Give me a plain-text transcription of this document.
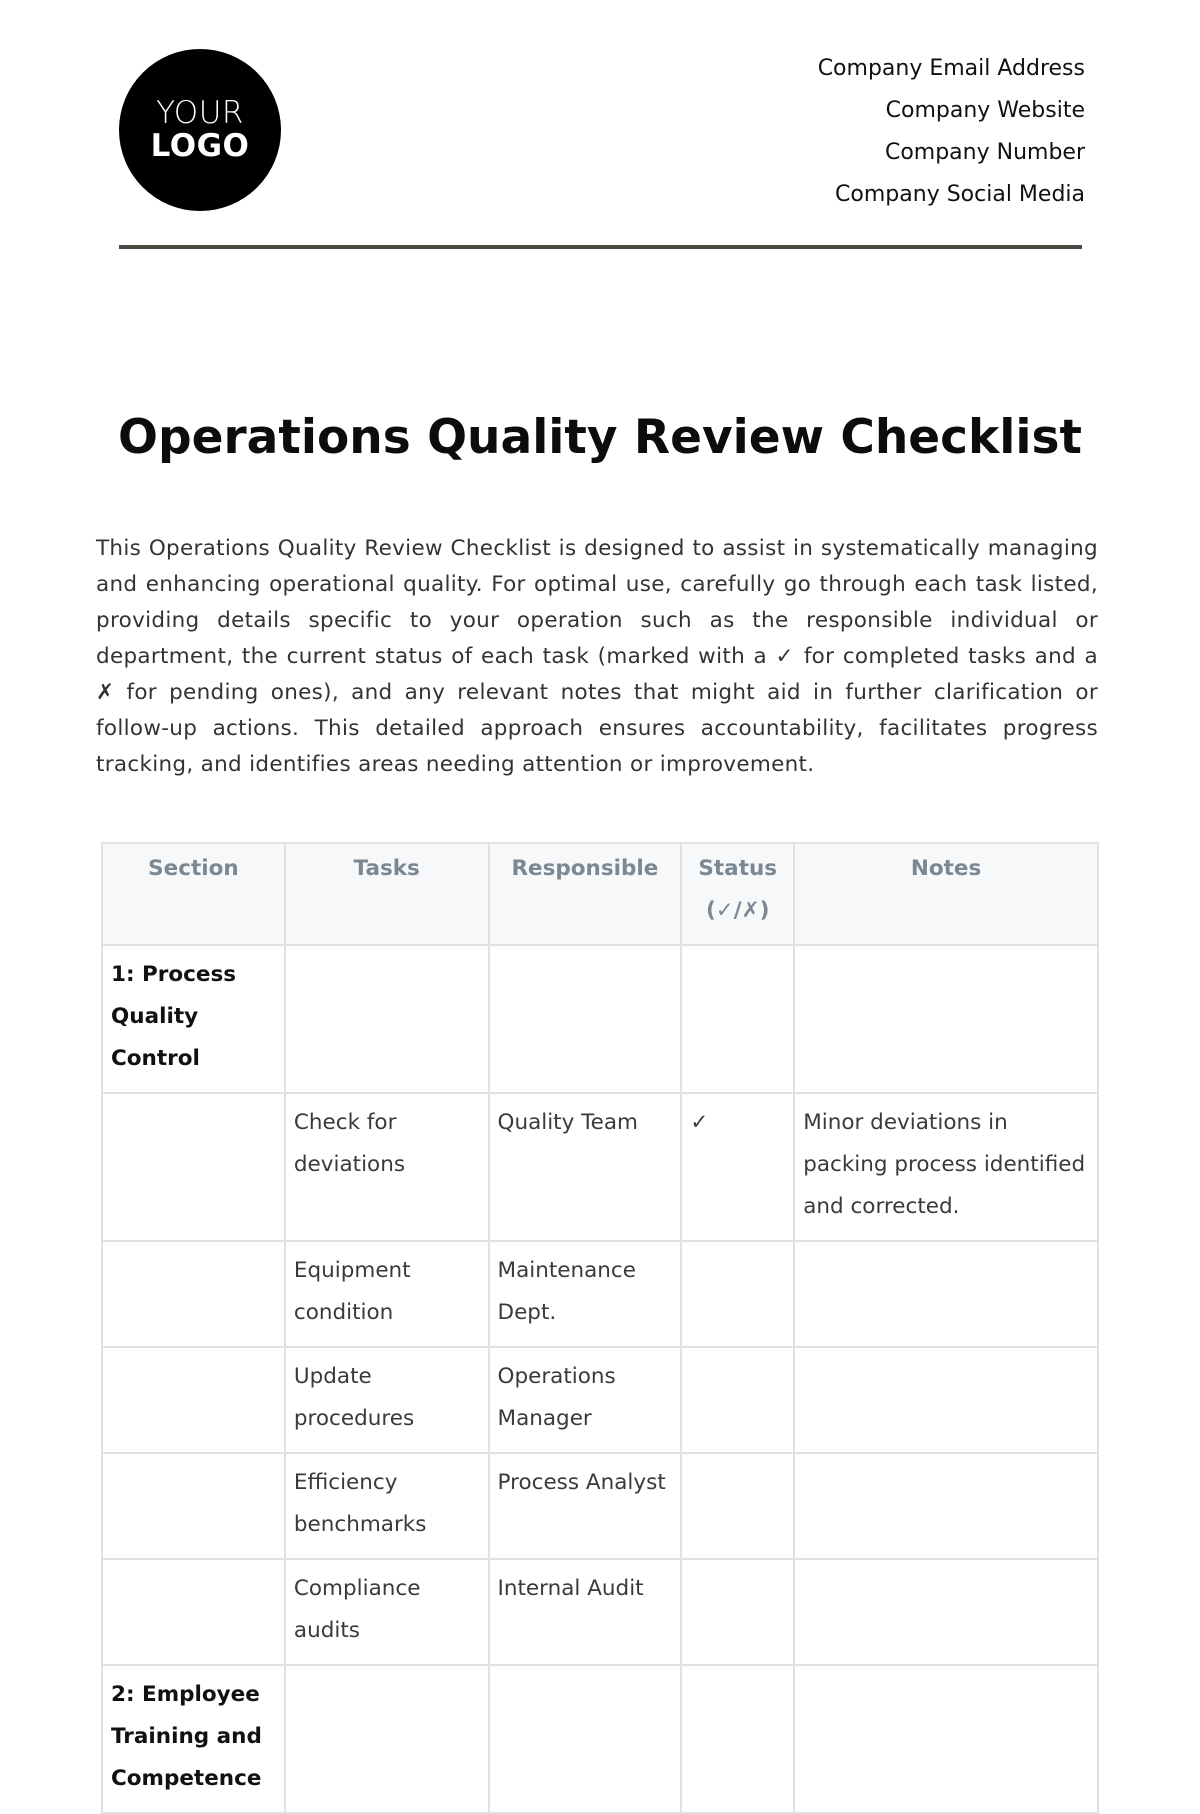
YOUR
LOGO
Company Email Address
Company Website
Company Number
Company Social Media
Operations Quality Review Checklist

This Operations Quality Review Checklist is designed to assist in systematically managing and enhancing operational quality. For optimal use, carefully go through each task listed, providing details specific to your operation such as the responsible individual or department, the current status of each task (marked with a ✓ for completed tasks and a ✗ for pending ones), and any relevant notes that might aid in further clarification or follow-up actions. This detailed approach ensures accountability, facilitates progress tracking, and identifies areas needing attention or improvement.

Section	Tasks	Responsible	Status (✓/✗)	Notes
1: Process Quality Control				
	Check for deviations	Quality Team	✓	Minor deviations in packing process identified and corrected.
	Equipment condition	Maintenance Dept.		
	Update procedures	Operations Manager		
	Efficiency benchmarks	Process Analyst		
	Compliance audits	Internal Audit		
2: Employee Training and Competence				
